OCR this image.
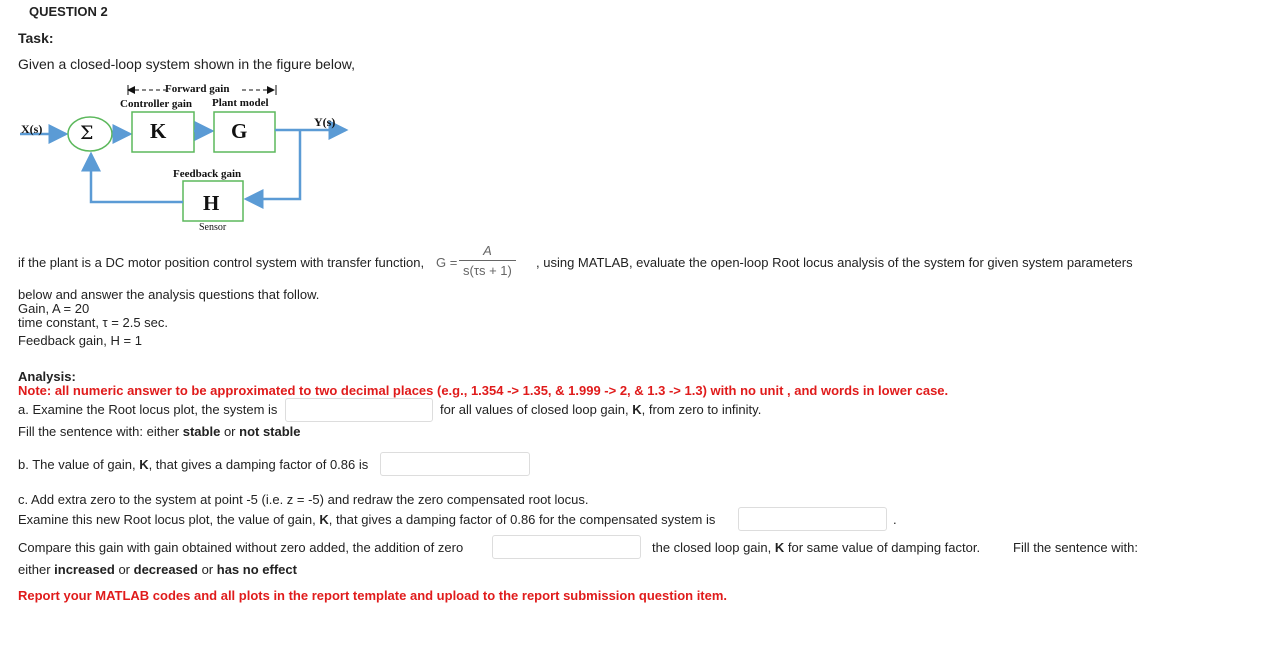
QUESTION 2
Task:
Given a closed-loop system shown in the figure below,
Forward gain
Controller gain Plant model
X(s)	Y(s)
Σ	K	G
Feedback gain
H
Sensor
if the plant is a DC motor position control system with transfer function, $G = \frac{A}{s(\tau s + 1)}$ , using MATLAB, evaluate the open-loop Root locus analysis of the system for given system parameters
below and answer the analysis questions that follow.
Gain, A = 20
time constant, τ = 2.5 sec.
Feedback gain, H = 1
Analysis:
Note: all numeric answer to be approximated to two decimal places (e.g., 1.354 -> 1.35, & 1.999 -> 2, & 1.3 -> 1.3) with no unit , and words in lower case.
a. Examine the Root locus plot, the system is	for all values of closed loop gain, K, from zero to infinity.
Fill the sentence with: either stable or not stable
b. The value of gain, K, that gives a damping factor of 0.86 is
c. Add extra zero to the system at point -5 (i.e. z = -5) and redraw the zero compensated root locus.
Examine this new Root locus plot, the value of gain, K, that gives a damping factor of 0.86 for the compensated system is	.
Compare this gain with gain obtained without zero added, the addition of zero	the closed loop gain, K for same value of damping factor.	Fill the sentence with:
either increased or decreased or has no effect
Report your MATLAB codes and all plots in the report template and upload to the report submission question item.
